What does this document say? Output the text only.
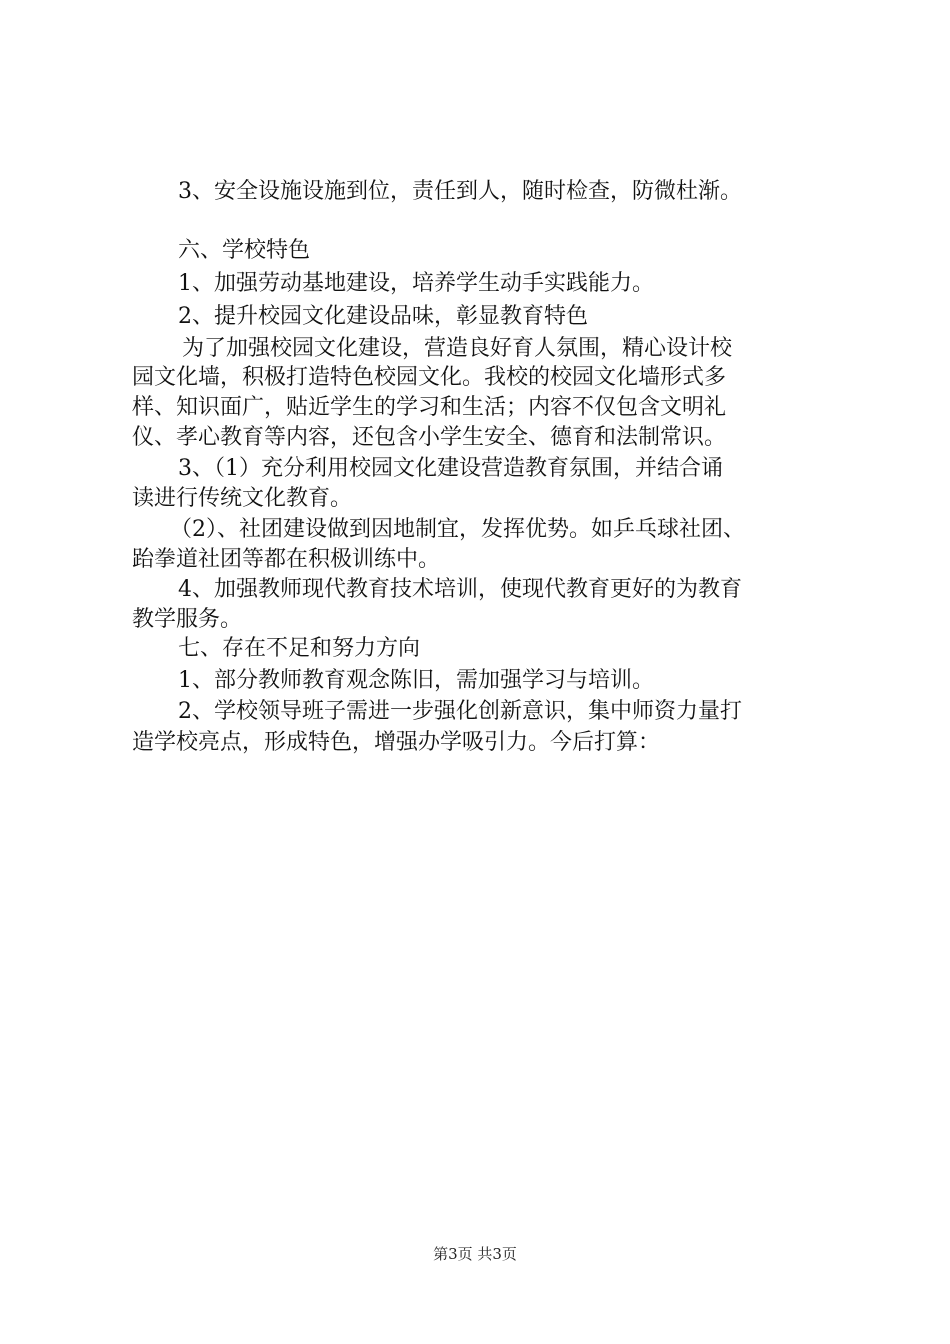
3、安全设施设施到位，责任到人，随时检查，防微杜渐。
六、学校特色
1、加强劳动基地建设，培养学生动手实践能力。
2、提升校园文化建设品味，彰显教育特色
为了加强校园文化建设，营造良好育人氛围，精心设计校
园文化墙，积极打造特色校园文化。我校的校园文化墙形式多
样、知识面广，贴近学生的学习和生活；内容不仅包含文明礼
仪、孝心教育等内容，还包含小学生安全、德育和法制常识。
3、（1）充分利用校园文化建设营造教育氛围，并结合诵
读进行传统文化教育。
（2）、社团建设做到因地制宜，发挥优势。如乒乓球社团、
跆拳道社团等都在积极训练中。
4、加强教师现代教育技术培训，使现代教育更好的为教育
教学服务。
七、存在不足和努力方向
1、部分教师教育观念陈旧，需加强学习与培训。
2、学校领导班子需进一步强化创新意识，集中师资力量打
造学校亮点，形成特色，增强办学吸引力。今后打算：
第3页 共3页
